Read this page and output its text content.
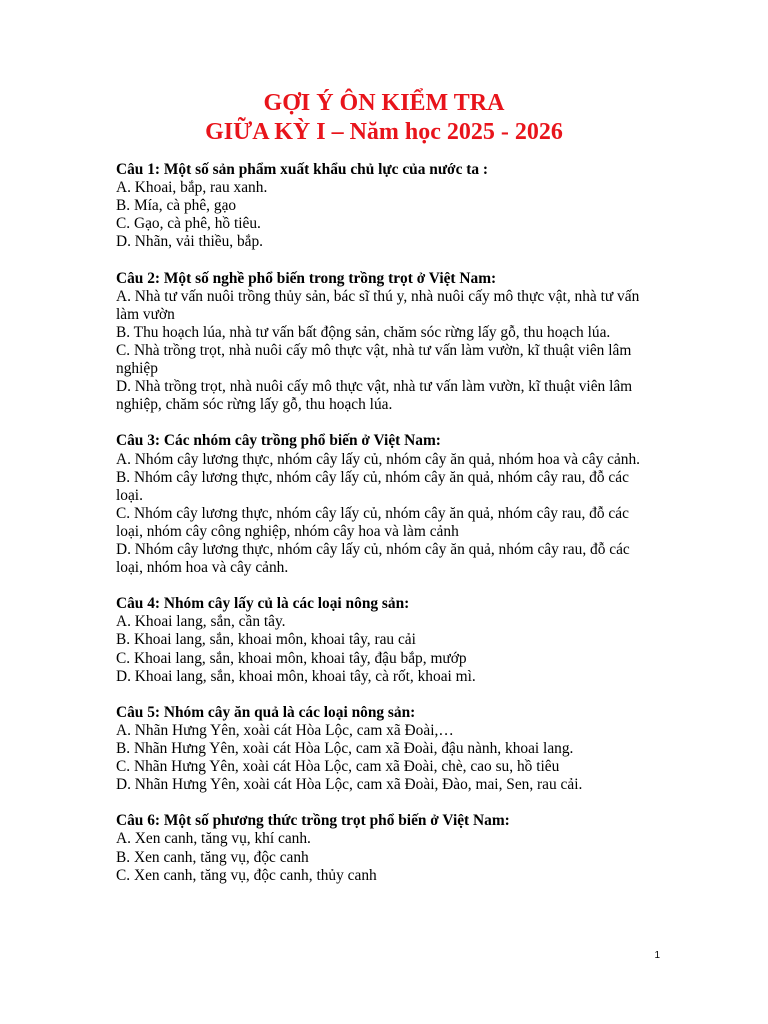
GỢI Ý ÔN KIỂM TRA
GIỮA KỲ I – Năm học 2025 - 2026
Câu 1: Một số sản phẩm xuất khẩu chủ lực của nước ta :
A. Khoai, bắp, rau xanh.
B. Mía, cà phê, gạo
C. Gạo, cà phê, hồ tiêu.
D. Nhãn, vải thiều, bắp.
Câu 2: Một số nghề phổ biến trong trồng trọt ở Việt Nam:
A. Nhà tư vấn nuôi trồng thủy sản, bác sĩ thú y, nhà nuôi cấy mô thực vật, nhà tư vấn làm vườn
B. Thu hoạch lúa, nhà tư vấn bất động sản, chăm sóc rừng lấy gỗ, thu hoạch lúa.
C. Nhà trồng trọt, nhà nuôi cấy mô thực vật, nhà tư vấn làm vườn, kĩ thuật viên lâm nghiệp
D. Nhà trồng trọt, nhà nuôi cấy mô thực vật, nhà tư vấn làm vườn, kĩ thuật viên lâm nghiệp, chăm sóc rừng lấy gỗ, thu hoạch lúa.
Câu 3: Các nhóm cây trồng phổ biến ở Việt Nam:
A. Nhóm cây lương thực, nhóm cây lấy củ, nhóm cây ăn quả, nhóm hoa và cây cảnh.
B. Nhóm cây lương thực, nhóm cây lấy củ, nhóm cây ăn quả, nhóm cây rau, đỗ các loại.
C. Nhóm cây lương thực, nhóm cây lấy củ, nhóm cây ăn quả, nhóm cây rau, đỗ các loại, nhóm cây công nghiệp, nhóm cây hoa và làm cảnh
D. Nhóm cây lương thực, nhóm cây lấy củ, nhóm cây ăn quả, nhóm cây rau, đỗ các loại, nhóm hoa và cây cảnh.
Câu 4: Nhóm cây lấy củ là các loại nông sản:
A. Khoai lang, sắn, cần tây.
B. Khoai lang, sắn, khoai môn, khoai tây, rau cải
C. Khoai lang, sắn, khoai môn, khoai tây, đậu bắp, mướp
D. Khoai lang, sắn, khoai môn, khoai tây, cà rốt, khoai mì.
Câu 5: Nhóm cây ăn quả là các loại nông sản:
A. Nhãn Hưng Yên, xoài cát Hòa Lộc, cam xã Đoài,…
B. Nhãn Hưng Yên, xoài cát Hòa Lộc, cam xã Đoài, đậu nành, khoai lang.
C. Nhãn Hưng Yên, xoài cát Hòa Lộc, cam xã Đoài, chè, cao su, hồ tiêu
D. Nhãn Hưng Yên, xoài cát Hòa Lộc, cam xã Đoài, Đào, mai, Sen, rau cải.
Câu 6: Một số phương thức trồng trọt phổ biến ở Việt Nam:
A. Xen canh, tăng vụ, khí canh.
B. Xen canh, tăng vụ, độc canh
C. Xen canh, tăng vụ, độc canh, thủy canh
1
